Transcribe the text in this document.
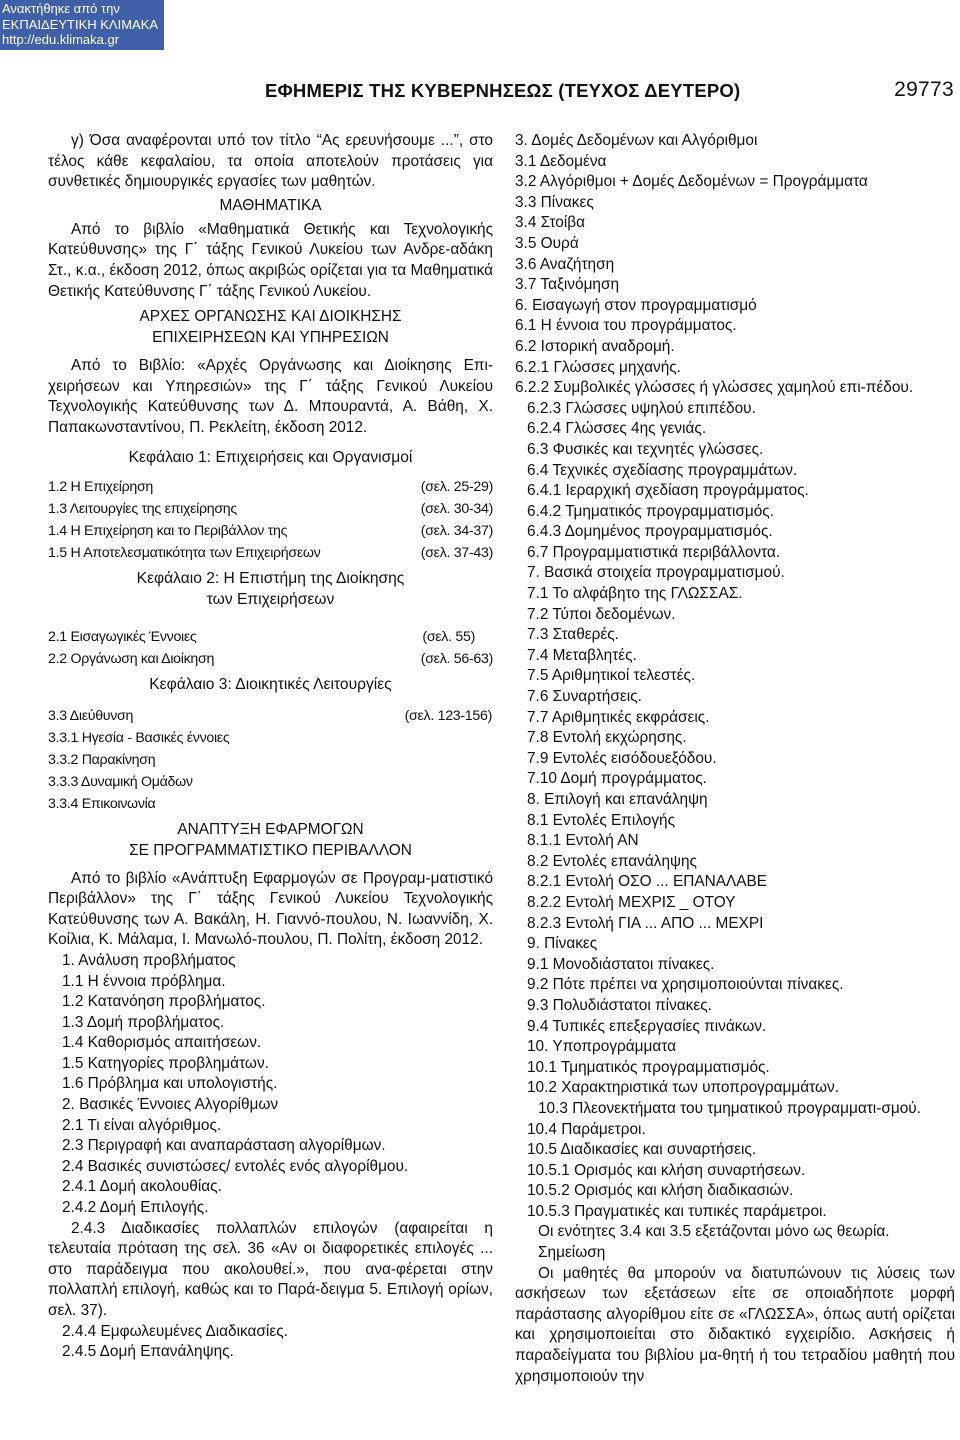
Ανακτήθηκε από την
ΕΚΠΑΙΔΕΥΤΙΚΗ ΚΛΙΜΑΚΑ
http://edu.klimaka.gr
ΕΦΗΜΕΡΙΣ ΤΗΣ ΚΥΒΕΡΝΗΣΕΩΣ (ΤΕΥΧΟΣ ΔΕΥΤΕΡΟ)	29773
γ) Όσα αναφέρονται υπό τον τίτλο “Ας ερευνήσουμε ...”, στο τέλος κάθε κεφαλαίου, τα οποία αποτελούν προτάσεις για συνθετικές δημιουργικές εργασίες των μαθητών.
ΜΑΘΗΜΑΤΙΚΑ
Από το βιβλίο «Μαθηματικά Θετικής και Τεχνολογικής Κατεύθυνσης» της Γ΄ τάξης Γενικού Λυκείου των Ανδρε-αδάκη Στ., κ.α., έκδοση 2012, όπως ακριβώς ορίζεται για τα Μαθηματικά Θετικής Κατεύθυνσης Γ΄ τάξης Γενικού Λυκείου.
ΑΡΧΕΣ ΟΡΓΑΝΩΣΗΣ ΚΑΙ ΔΙΟΙΚΗΣΗΣ
ΕΠΙΧΕΙΡΗΣΕΩΝ ΚΑΙ ΥΠΗΡΕΣΙΩΝ
Από το Βιβλίο: «Αρχές Οργάνωσης και Διοίκησης Επι-χειρήσεων και Υπηρεσιών» της Γ΄ τάξης Γενικού Λυκείου Τεχνολογικής Κατεύθυνσης των Δ. Μπουραντά, Α. Βάθη, Χ. Παπακωνσταντίνου, Π. Ρεκλείτη, έκδοση 2012.
Κεφάλαιο 1: Επιχειρήσεις και Οργανισμοί
1.2 Η Επιχείρηση	(σελ. 25-29)
1.3 Λειτουργίες της επιχείρησης	(σελ. 30-34)
1.4 Η Επιχείρηση και το Περιβάλλον της	(σελ. 34-37)
1.5 Η Αποτελεσματικότητα των Επιχειρήσεων	(σελ. 37-43)
Κεφάλαιο 2: Η Επιστήμη της Διοίκησης
των Επιχειρήσεων
2.1 Εισαγωγικές Έννοιες	(σελ. 55)
2.2 Οργάνωση και Διοίκηση	(σελ. 56-63)
Κεφάλαιο 3: Διοικητικές Λειτουργίες
3.3 Διεύθυνση	(σελ. 123-156)
3.3.1 Ηγεσία - Βασικές έννοιες
3.3.2 Παρακίνηση
3.3.3 Δυναμική Ομάδων
3.3.4 Επικοινωνία
ΑΝΑΠΤΥΞΗ ΕΦΑΡΜΟΓΩΝ
ΣΕ ΠΡΟΓΡΑΜΜΑΤΙΣΤΙΚΟ ΠΕΡΙΒΑΛΛΟΝ
Από το βιβλίο «Ανάπτυξη Εφαρμογών σε Προγραμ-ματιστικό Περιβάλλον» της Γ΄ τάξης Γενικού Λυκείου Τεχνολογικής Κατεύθυνσης των Α. Βακάλη, Η. Γιαννό-πουλου, Ν. Ιωαννίδη, Χ. Κοίλια, Κ. Μάλαμα, Ι. Μανωλό-πουλου, Π. Πολίτη, έκδοση 2012.
1. Ανάλυση προβλήματος
1.1 Η έννοια πρόβλημα.
1.2 Κατανόηση προβλήματος.
1.3 Δομή προβλήματος.
1.4 Καθορισμός απαιτήσεων.
1.5 Κατηγορίες προβλημάτων.
1.6 Πρόβλημα και υπολογιστής.
2. Βασικές Έννοιες Αλγορίθμων
2.1 Τι είναι αλγόριθμος.
2.3 Περιγραφή και αναπαράσταση αλγορίθμων.
2.4 Βασικές συνιστώσες/ εντολές ενός αλγορίθμου.
2.4.1 Δομή ακολουθίας.
2.4.2 Δομή Επιλογής.
2.4.3 Διαδικασίες πολλαπλών επιλογών (αφαιρείται η τελευταία πρόταση της σελ. 36 «Αν οι διαφορετικές επιλογές ... στο παράδειγμα που ακολουθεί.», που ανα-φέρεται στην πολλαπλή επιλογή, καθώς και το Παρά-δειγμα 5. Επιλογή ορίων, σελ. 37).
2.4.4 Εμφωλευμένες Διαδικασίες.
2.4.5 Δομή Επανάληψης.
3. Δομές Δεδομένων και Αλγόριθμοι
3.1 Δεδομένα
3.2 Αλγόριθμοι + Δομές Δεδομένων = Προγράμματα
3.3 Πίνακες
3.4 Στοίβα
3.5 Ουρά
3.6 Αναζήτηση
3.7 Ταξινόμηση
6. Εισαγωγή στον προγραμματισμό
6.1 Η έννοια του προγράμματος.
6.2 Ιστορική αναδρομή.
6.2.1 Γλώσσες μηχανής.
6.2.2 Συμβολικές γλώσσες ή γλώσσες χαμηλού επι-πέδου.
6.2.3 Γλώσσες υψηλού επιπέδου.
6.2.4 Γλώσσες 4ης γενιάς.
6.3 Φυσικές και τεχνητές γλώσσες.
6.4 Τεχνικές σχεδίασης προγραμμάτων.
6.4.1 Ιεραρχική σχεδίαση προγράμματος.
6.4.2 Τμηματικός προγραμματισμός.
6.4.3 Δομημένος προγραμματισμός.
6.7 Προγραμματιστικά περιβάλλοντα.
7. Βασικά στοιχεία προγραμματισμού.
7.1 Το αλφάβητο της ΓΛΩΣΣΑΣ.
7.2 Τύποι δεδομένων.
7.3 Σταθερές.
7.4 Μεταβλητές.
7.5 Αριθμητικοί τελεστές.
7.6 Συναρτήσεις.
7.7 Αριθμητικές εκφράσεις.
7.8 Εντολή εκχώρησης.
7.9 Εντολές εισόδουεξόδου.
7.10 Δομή προγράμματος.
8. Επιλογή και επανάληψη
8.1 Εντολές Επιλογής
8.1.1 Εντολή ΑΝ
8.2 Εντολές επανάληψης
8.2.1 Εντολή ΟΣΟ ... ΕΠΑΝΑΛΑΒΕ
8.2.2 Εντολή ΜΕΧΡΙΣ _ ΟΤΟΥ
8.2.3 Εντολή ΓΙΑ ... ΑΠΟ ... ΜΕΧΡΙ
9. Πίνακες
9.1 Μονοδιάστατοι πίνακες.
9.2 Πότε πρέπει να χρησιμοποιούνται πίνακες.
9.3 Πολυδιάστατοι πίνακες.
9.4 Τυπικές επεξεργασίες πινάκων.
10. Υποπρογράμματα
10.1 Τμηματικός προγραμματισμός.
10.2 Χαρακτηριστικά των υποπρογραμμάτων.
10.3 Πλεονεκτήματα του τμηματικού προγραμματι-σμού.
10.4 Παράμετροι.
10.5 Διαδικασίες και συναρτήσεις.
10.5.1 Ορισμός και κλήση συναρτήσεων.
10.5.2 Ορισμός και κλήση διαδικασιών.
10.5.3 Πραγματικές και τυπικές παράμετροι.
Οι ενότητες 3.4 και 3.5 εξετάζονται μόνο ως θεωρία.
Σημείωση
Οι μαθητές θα μπορούν να διατυπώνουν τις λύσεις των ασκήσεων των εξετάσεων είτε σε οποιαδήποτε μορφή παράστασης αλγορίθμου είτε σε «ΓΛΩΣΣΑ», όπως αυτή ορίζεται και χρησιμοποιείται στο διδακτικό εγχειρίδιο. Ασκήσεις ή παραδείγματα του βιβλίου μα-θητή ή του τετραδίου μαθητή που χρησιμοποιούν την
